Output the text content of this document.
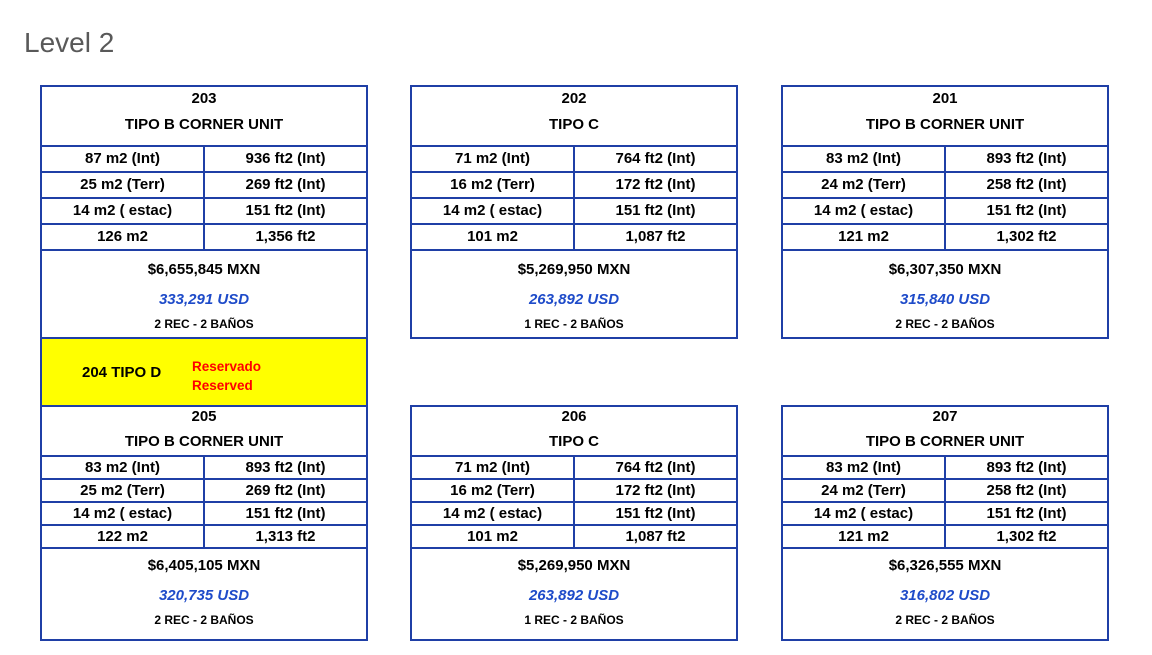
Level 2
203
TIPO B CORNER UNIT
87 m2 (Int)	936 ft2 (Int)
25 m2 (Terr)	269 ft2 (Int)
14 m2 ( estac)	151 ft2 (Int)
126 m2	1,356 ft2
$6,655,845 MXN
333,291 USD
2 REC - 2 BAÑOS
202
TIPO C
71 m2 (Int)	764 ft2 (Int)
16 m2 (Terr)	172 ft2 (Int)
14 m2 ( estac)	151 ft2 (Int)
101 m2	1,087 ft2
$5,269,950 MXN
263,892 USD
1 REC - 2 BAÑOS
201
TIPO B CORNER UNIT
83 m2 (Int)	893 ft2 (Int)
24 m2 (Terr)	258 ft2 (Int)
14 m2 ( estac)	151 ft2 (Int)
121 m2	1,302 ft2
$6,307,350 MXN
315,840 USD
2 REC - 2 BAÑOS
204 TIPO D Reservado
Reserved
205
TIPO B CORNER UNIT
83 m2 (Int)	893 ft2 (Int)
25 m2 (Terr)	269 ft2 (Int)
14 m2 ( estac)	151 ft2 (Int)
122 m2	1,313 ft2
$6,405,105 MXN
320,735 USD
2 REC - 2 BAÑOS
206
TIPO C
71 m2 (Int)	764 ft2 (Int)
16 m2 (Terr)	172 ft2 (Int)
14 m2 ( estac)	151 ft2 (Int)
101 m2	1,087 ft2
$5,269,950 MXN
263,892 USD
1 REC - 2 BAÑOS
207
TIPO B CORNER UNIT
83 m2 (Int)	893 ft2 (Int)
24 m2 (Terr)	258 ft2 (Int)
14 m2 ( estac)	151 ft2 (Int)
121 m2	1,302 ft2
$6,326,555 MXN
316,802 USD
2 REC - 2 BAÑOS
